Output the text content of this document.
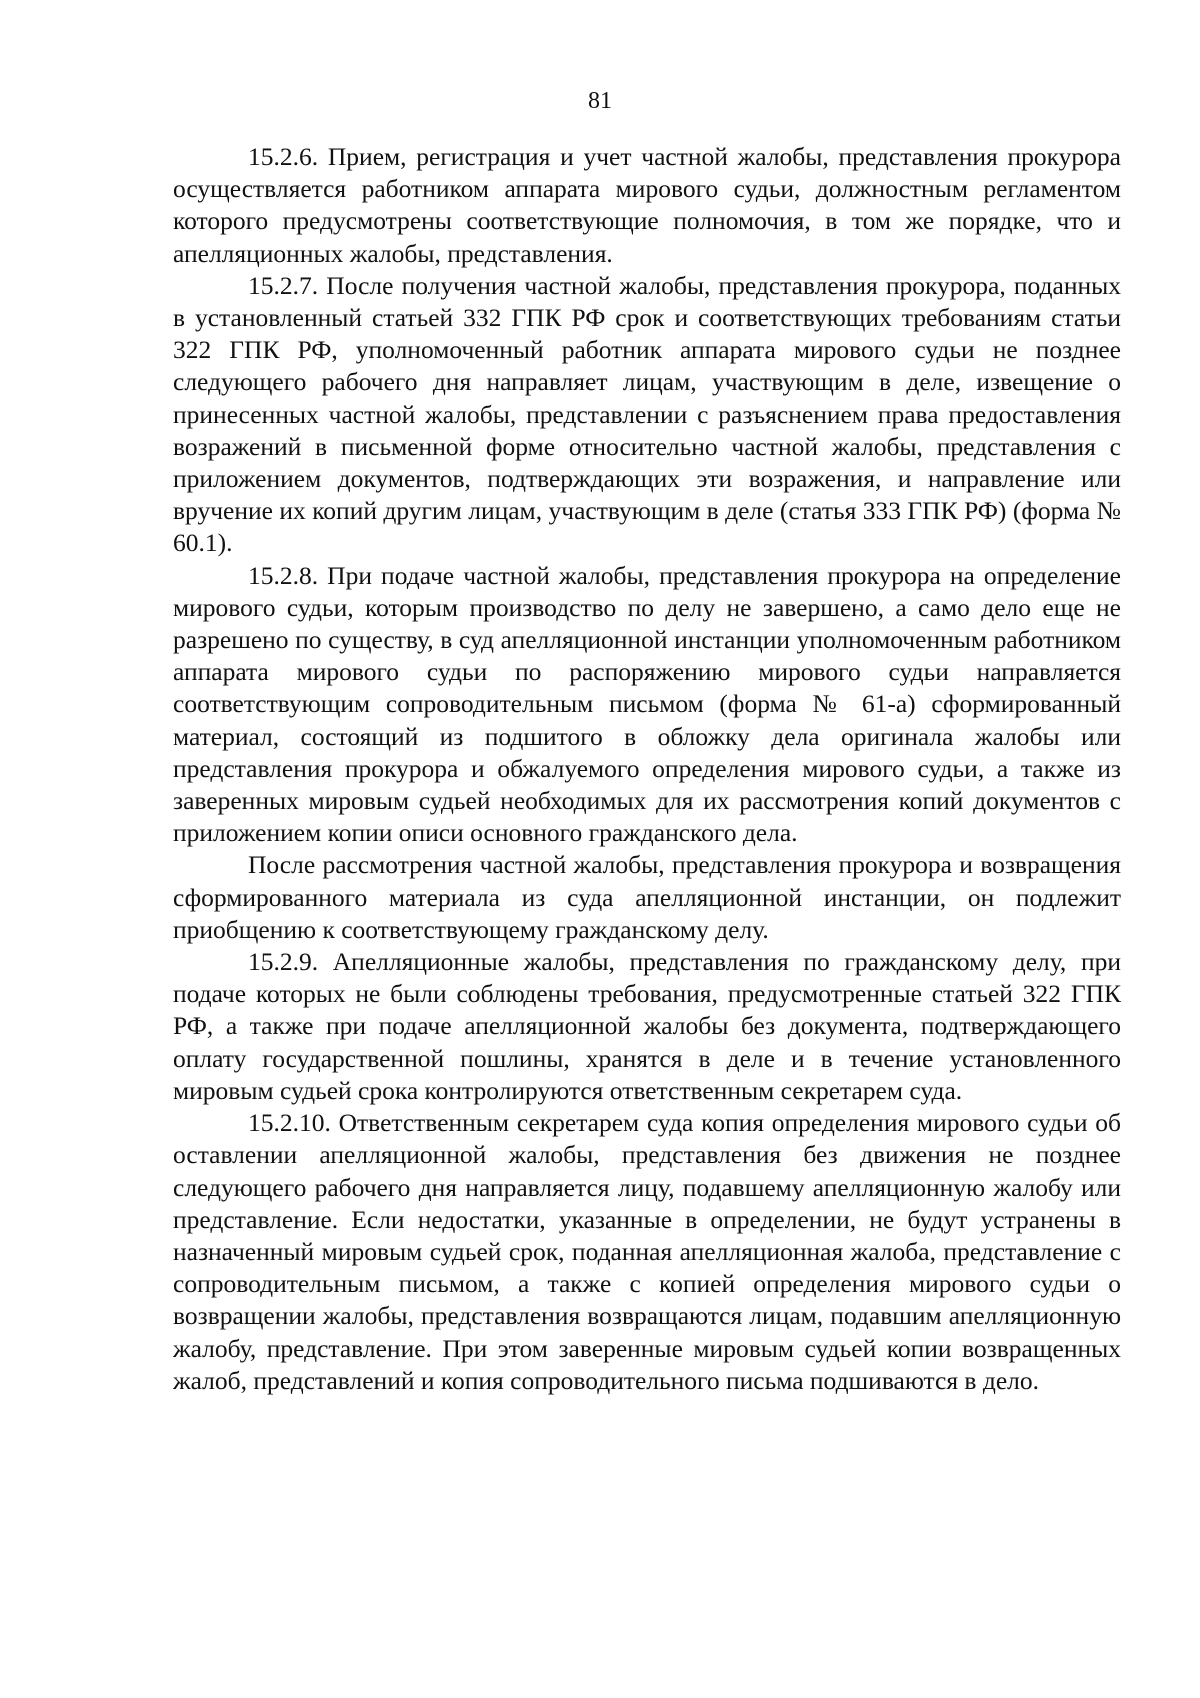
81

15.2.6. Прием, регистрация и учет частной жалобы, представления прокурора осуществляется работником аппарата мирового судьи, должностным регламентом которого предусмотрены соответствующие полномочия, в том же порядке, что и апелляционных жалобы, представления.

15.2.7. После получения частной жалобы, представления прокурора, поданных в установленный статьей 332 ГПК РФ срок и соответствующих требованиям статьи 322 ГПК РФ, уполномоченный работник аппарата мирового судьи не позднее следующего рабочего дня направляет лицам, участвующим в деле, извещение о принесенных частной жалобы, представлении с разъяснением права предоставления возражений в письменной форме относительно частной жалобы, представления с приложением документов, подтверждающих эти возражения, и направление или вручение их копий другим лицам, участвующим в деле (статья 333 ГПК РФ) (форма № 60.1).

15.2.8. При подаче частной жалобы, представления прокурора на определение мирового судьи, которым производство по делу не завершено, а само дело еще не разрешено по существу, в суд апелляционной инстанции уполномоченным работником аппарата мирового судьи по распоряжению мирового судьи направляется соответствующим сопроводительным письмом (форма № 61-а) сформированный материал, состоящий из подшитого в обложку дела оригинала жалобы или представления прокурора и обжалуемого определения мирового судьи, а также из заверенных мировым судьей необходимых для их рассмотрения копий документов с приложением копии описи основного гражданского дела.

После рассмотрения частной жалобы, представления прокурора и возвращения сформированного материала из суда апелляционной инстанции, он подлежит приобщению к соответствующему гражданскому делу.

15.2.9. Апелляционные жалобы, представления по гражданскому делу, при подаче которых не были соблюдены требования, предусмотренные статьей 322 ГПК РФ, а также при подаче апелляционной жалобы без документа, подтверждающего оплату государственной пошлины, хранятся в деле и в течение установленного мировым судьей срока контролируются ответственным секретарем суда.

15.2.10. Ответственным секретарем суда копия определения мирового судьи об оставлении апелляционной жалобы, представления без движения не позднее следующего рабочего дня направляется лицу, подавшему апелляционную жалобу или представление. Если недостатки, указанные в определении, не будут устранены в назначенный мировым судьей срок, поданная апелляционная жалоба, представление с сопроводительным письмом, а также с копией определения мирового судьи о возвращении жалобы, представления возвращаются лицам, подавшим апелляционную жалобу, представление. При этом заверенные мировым судьей копии возвращенных жалоб, представлений и копия сопроводительного письма подшиваются в дело.
